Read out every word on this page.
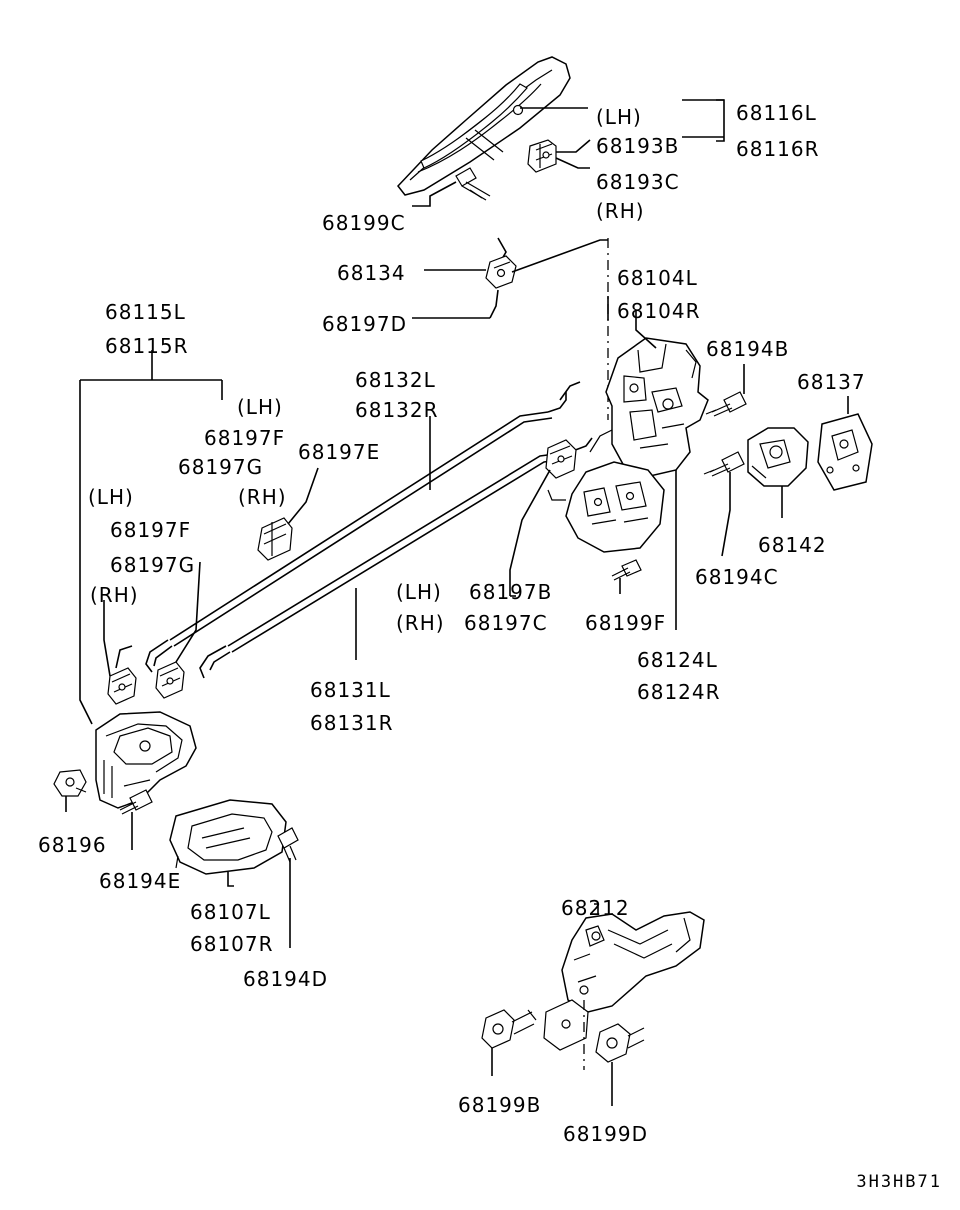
(LH)	68116L
68193B	68116R
68193C
(RH)
68199C
68134	68104L
68104R
68197D
68115L
68115R	68194B
68137
68132L
(LH)	68132R
68197F
68197E
68197G
(RH)
(LH)
68197F
68142
68197G	68194C
(RH)	(LH) 68197B
(RH) 68197C 68199F
68124L
68131L	68124R
68131R
68196
68194E
68107L	68212
68107R
68194D
68199B
68199D
3H3HB71
